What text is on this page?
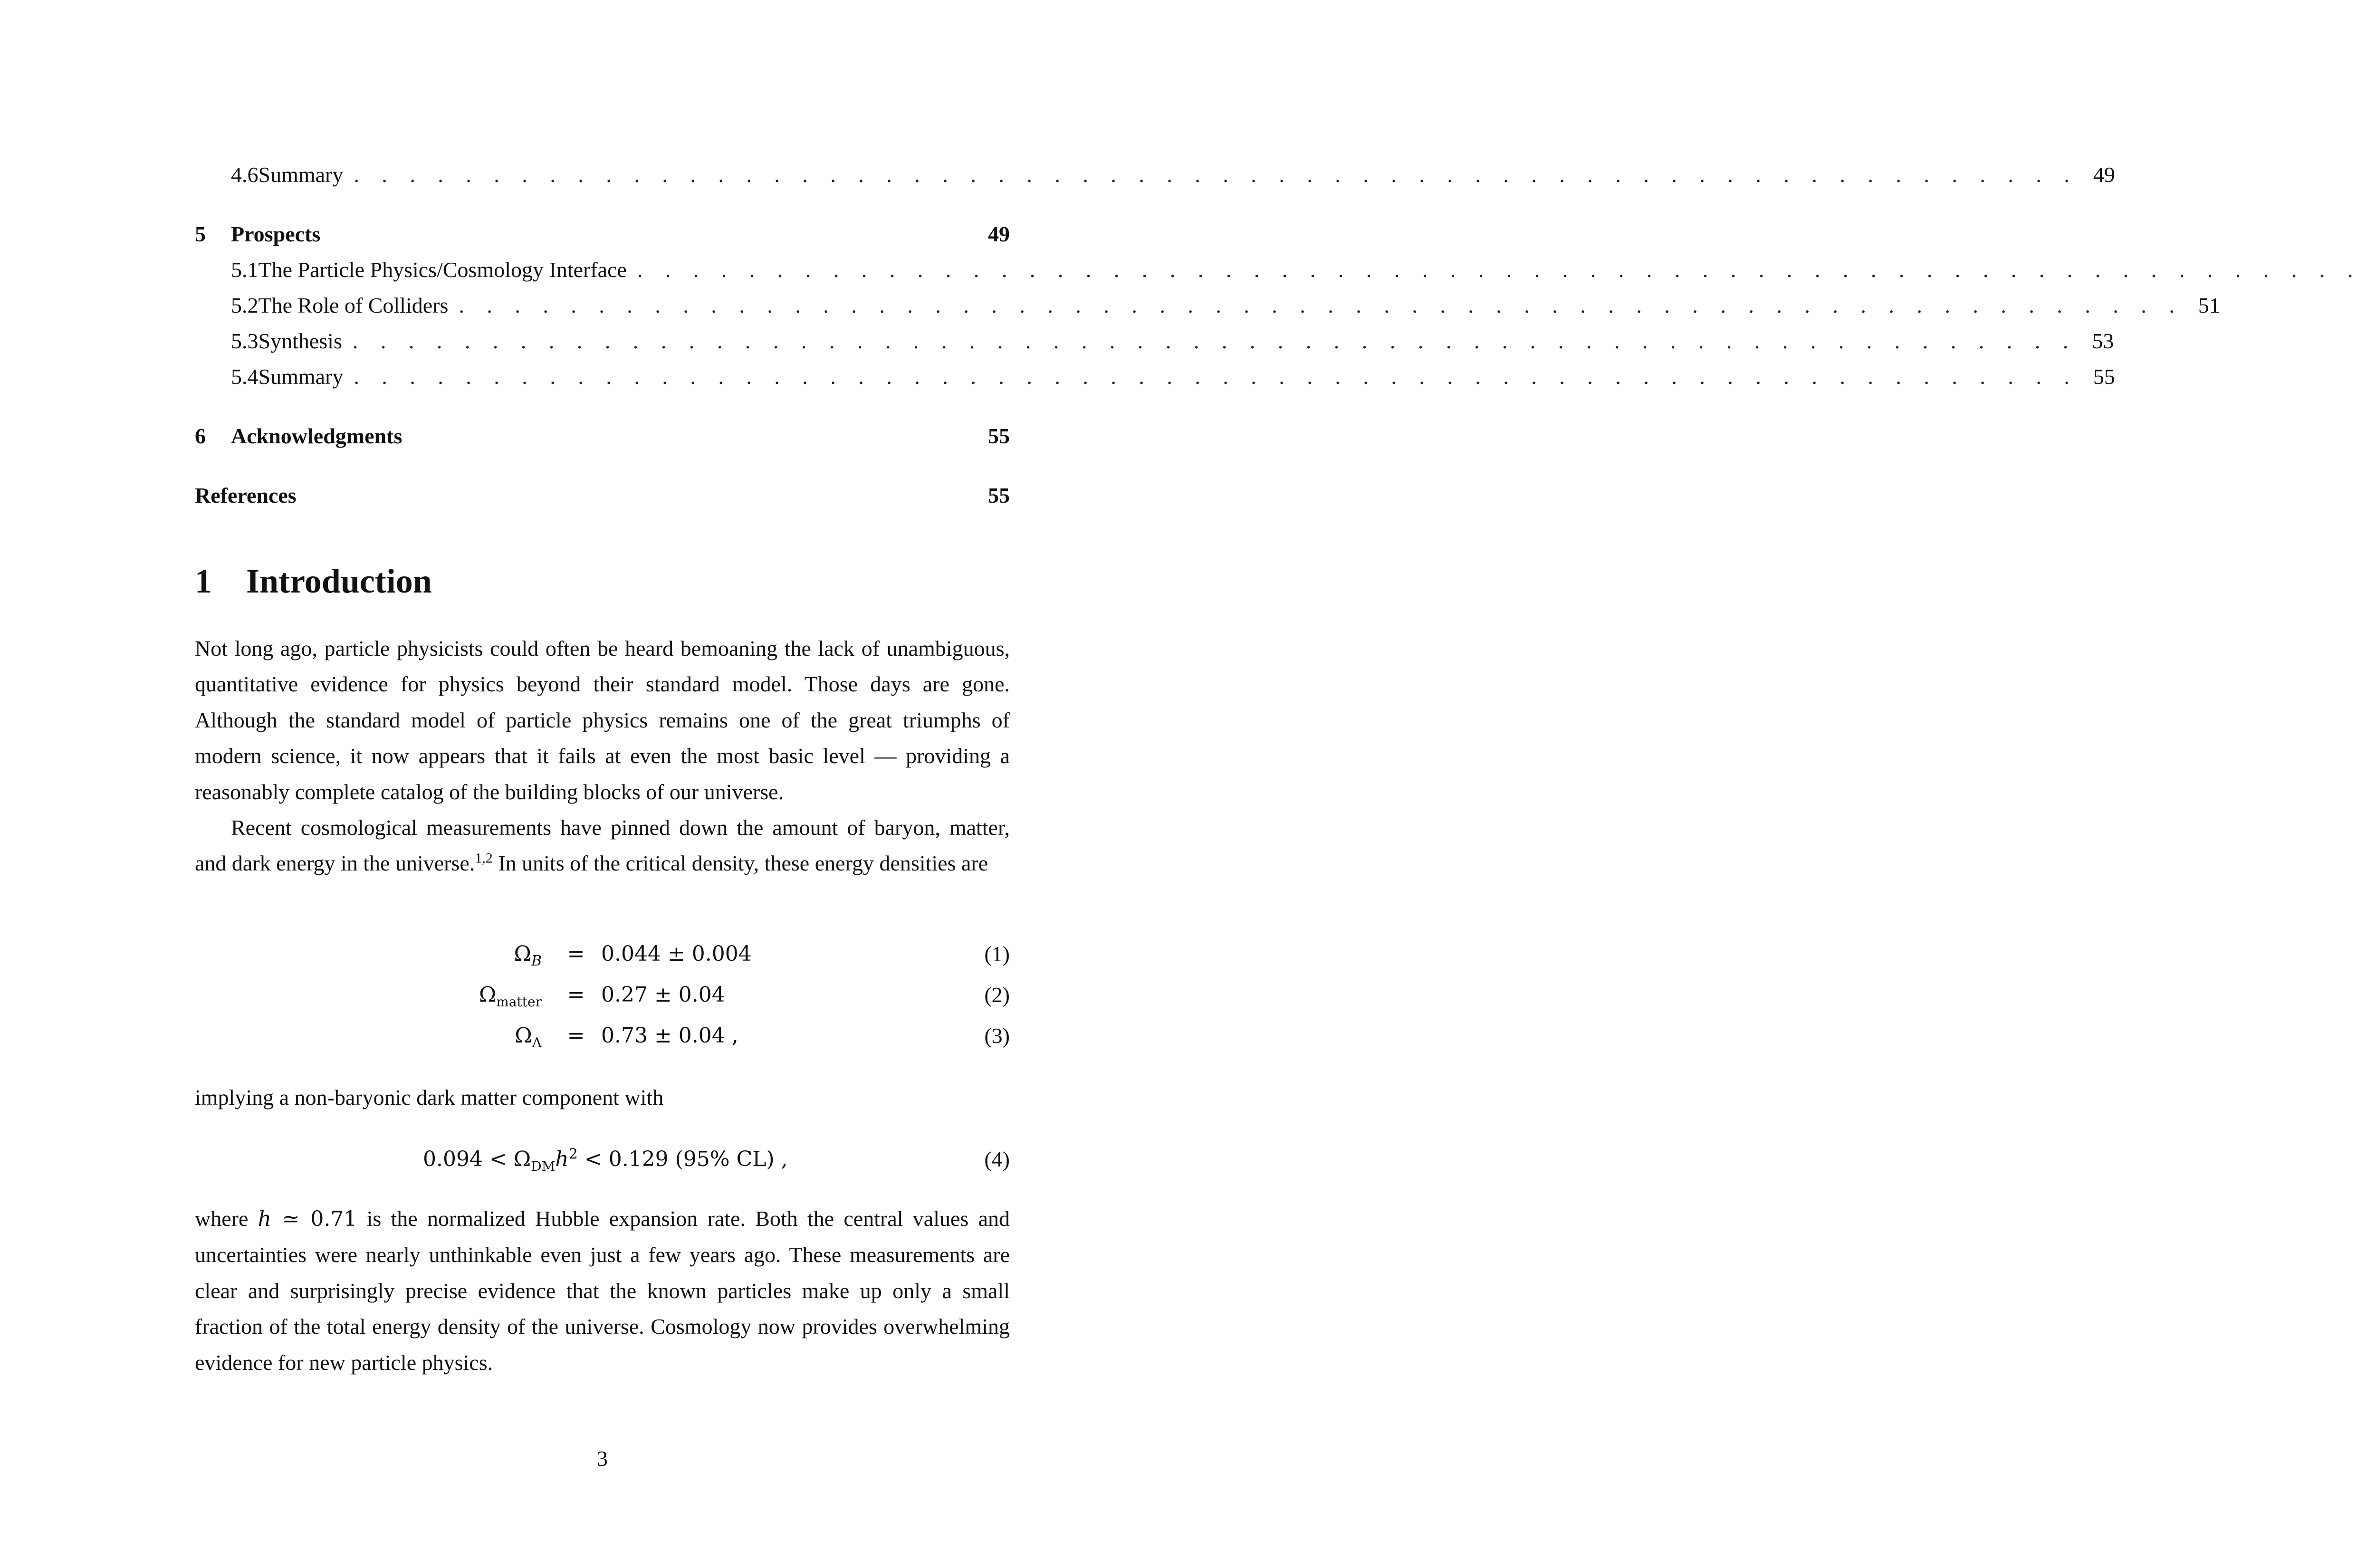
4.6 Summary . . . . . . . . . . . . . . . . . . . . . . . . . . . . . . . . . . . . . . . . . . . . . . . . . . . . . . . . . . . . . . 49
5	Prospects	49
5.1 The Particle Physics/Cosmology Interface . . . . . . . . . . . . . . . . . . . . . . . . . . . . . . . . . . . . . . . . . . . . . . . . . . . . . . . . . . . . . .
5.2 The Role of Colliders . . . . . . . . . . . . . . . . . . . . . . . . . . . . . . . . . . . . . . . . . . . . . . . . . . . . . . . . . . . . . . 51
5.3 Synthesis . . . . . . . . . . . . . . . . . . . . . . . . . . . . . . . . . . . . . . . . . . . . . . . . . . . . . . . . . . . . . . 53
5.4 Summary . . . . . . . . . . . . . . . . . . . . . . . . . . . . . . . . . . . . . . . . . . . . . . . . . . . . . . . . . . . . . . 55
6	Acknowledgments	55
References	55
1 Introduction

Not long ago, particle physicists could often be heard bemoaning the lack of unambiguous, quantitative evidence for physics beyond their standard model. Those days are gone. Although the standard model of particle physics remains one of the great triumphs of modern science, it now appears that it fails at even the most basic level — providing a reasonably complete catalog of the building blocks of our universe.

Recent cosmological measurements have pinned down the amount of baryon, matter, and dark energy in the universe.$^{1,2}$ In units of the critical density, these energy densities are

$\Omega_B = 0.044 \pm 0.004$	(1)
$\Omega_{matter} = 0.27 \pm 0.04$	(2)
$\Omega_\Lambda = 0.73 \pm 0.04$ ,	(3)

implying a non-baryonic dark matter component with

$0.094 < \Omega_{DM}h^2 < 0.129$ (95% CL) ,	(4)

where h ≃ 0.71 is the normalized Hubble expansion rate. Both the central values and uncertainties were nearly unthinkable even just a few years ago. These measurements are clear and surprisingly precise evidence that the known particles make up only a small fraction of the total energy density of the universe. Cosmology now provides overwhelming evidence for new particle physics.

3
